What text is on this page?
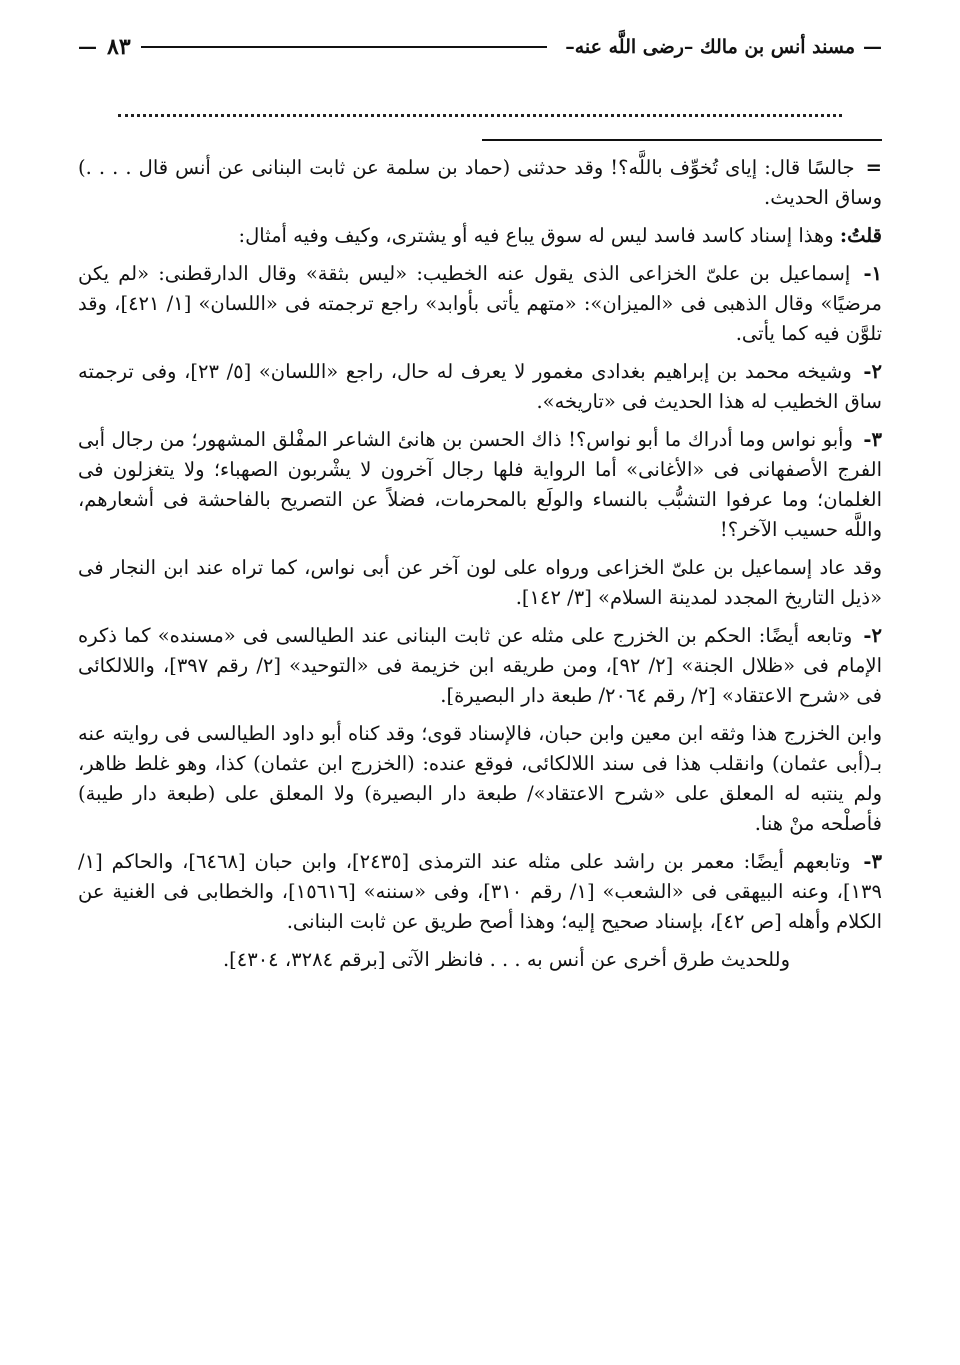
—
مسند أنس بن مالك –رضى اللَّه عنه–
٨٣
—

= جالسًا قال: إياى تُخوِّف باللَّه؟! وقد حدثنى (حماد بن سلمة عن ثابت البنانى عن أنس قال . . . .) وساق الحديث.

قلتُ: وهذا إسناد كاسد فاسد ليس له سوق يباع فيه أو يشترى، وكيف وفيه أمثال:

١- إسماعيل بن علىّ الخزاعى الذى يقول عنه الخطيب: «ليس بثقة» وقال الدارقطنى: «لم يكن مرضيًا» وقال الذهبى فى «الميزان»: «متهم يأتى بأوابد» راجع ترجمته فى «اللسان» [١/ ٤٢١]، وقد تلوَّن فيه كما يأتى.

٢- وشيخه محمد بن إبراهيم بغدادى مغمور لا يعرف له حال، راجع «اللسان» [٥/ ٢٣]، وفى ترجمته ساق الخطيب له هذا الحديث فى «تاريخه».

٣- وأبو نواس وما أدراك ما أبو نواس؟! ذاك الحسن بن هانئ الشاعر المفْلق المشهور؛ من رجال أبى الفرج الأصفهانى فى «الأغانى» أما الرواية فلها رجال آخرون لا يشْربون الصهباء؛ ولا يتغزلون فى الغلمان؛ وما عرفوا التشبُّب بالنساء والولَع بالمحرمات، فضلاً عن التصريح بالفاحشة فى أشعارهم، واللَّه حسيب الآخر؟!

وقد عاد إسماعيل بن علىّ الخزاعى ورواه على لون آخر عن أبى نواس، كما تراه عند ابن النجار فى «ذيل التاريخ المجدد لمدينة السلام» [٣/ ١٤٢].

٢- وتابعه أيضًا: الحكم بن الخزرج على مثله عن ثابت البنانى عند الطيالسى فى «مسنده» كما ذكره الإمام فى «ظلال الجنة» [٢/ ٩٢]، ومن طريقه ابن خزيمة فى «التوحيد» [٢/ رقم ٣٩٧]، واللالكائى فى «شرح الاعتقاد» [٢/ رقم ٢٠٦٤/ طبعة دار البصيرة].

وابن الخزرج هذا وثقه ابن معين وابن حبان، فالإسناد قوى؛ وقد كناه أبو داود الطيالسى فى روايته عنه بـ(أبى عثمان) وانقلب هذا فى سند اللالكائى، فوقع عنده: (الخزرج ابن عثمان) كذا، وهو غلط ظاهر، ولم ينتبه له المعلق على «شرح الاعتقاد»/ طبعة دار البصيرة) ولا المعلق على (طبعة دار طيبة) فأصلْحه منْ هنا.

٣- وتابعهم أيضًا: معمر بن راشد على مثله عند الترمذى [٢٤٣٥]، وابن حبان [٦٤٦٨]، والحاكم [١/ ١٣٩]، وعنه البيهقى فى «الشعب» [١/ رقم ٣١٠]، وفى «سننه» [١٥٦١٦]، والخطابى فى الغنية عن الكلام وأهله [ص ٤٢]، بإسناد صحيح إليه؛ وهذا أصح طريق عن ثابت البنانى.

وللحديث طرق أخرى عن أنس به . . . فانظر الآتى [برقم ٣٢٨٤، ٤٣٠٤].
